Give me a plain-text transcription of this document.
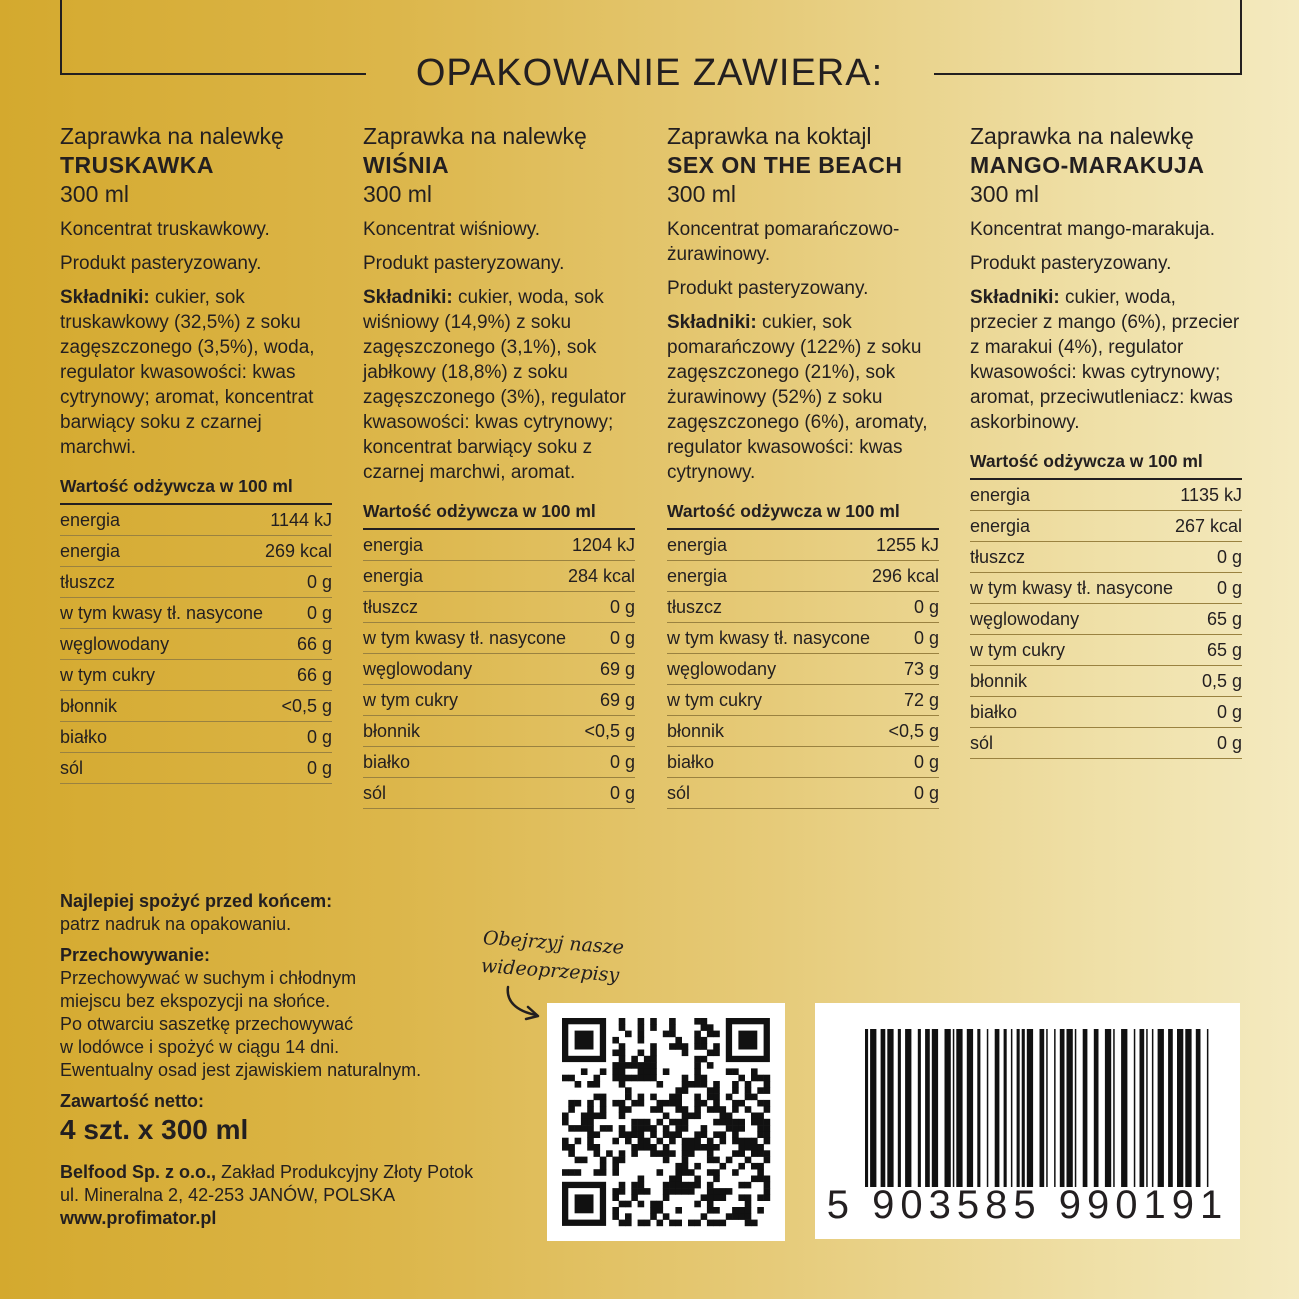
OPAKOWANIE ZAWIERA:
Zaprawka na nalewkę
TRUSKAWKA
300 ml

Koncentrat truskawkowy.

Produkt pasteryzowany.

Składniki: cukier, sok truskawkowy (32,5%) z soku zagęszczonego (3,5%), woda, regulator kwasowości: kwas cytrynowy; aromat, koncentrat barwiący soku z czarnej marchwi.

Wartość odżywcza w 100 ml
energia	1144 kJ
energia	269 kcal
tłuszcz	0 g
w tym kwasy tł. nasycone 0 g
węglowodany	66 g
w tym cukry	66 g
błonnik	<0,5 g
białko	0 g
sól	0 g
Zaprawka na nalewkę
WIŚNIA
300 ml

Koncentrat wiśniowy.

Produkt pasteryzowany.

Składniki: cukier, woda, sok wiśniowy (14,9%) z soku zagęszczonego (3,1%), sok jabłkowy (18,8%) z soku zagęszczonego (3%), regulator kwasowości: kwas cytrynowy; koncentrat barwiący soku z czarnej marchwi, aromat.

Wartość odżywcza w 100 ml
energia	1204 kJ
energia	284 kcal
tłuszcz	0 g
w tym kwasy tł. nasycone 0 g
węglowodany	69 g
w tym cukry	69 g
błonnik	<0,5 g
białko	0 g
sól	0 g
Zaprawka na koktajl
SEX ON THE BEACH
300 ml

Koncentrat pomarańczowo-żurawinowy.

Produkt pasteryzowany.

Składniki: cukier, sok pomarańczowy (122%) z soku zagęszczonego (21%), sok żurawinowy (52%) z soku zagęszczonego (6%), aromaty, regulator kwasowości: kwas cytrynowy.

Wartość odżywcza w 100 ml
energia	1255 kJ
energia	296 kcal
tłuszcz	0 g
w tym kwasy tł. nasycone 0 g
węglowodany	73 g
w tym cukry	72 g
błonnik	<0,5 g
białko	0 g
sól	0 g
Zaprawka na nalewkę
MANGO-MARAKUJA
300 ml

Koncentrat mango-marakuja.

Produkt pasteryzowany.

Składniki: cukier, woda, przecier z mango (6%), przecier z marakui (4%), regulator kwasowości: kwas cytrynowy; aromat, przeciwutleniacz: kwas askorbinowy.

Wartość odżywcza w 100 ml
energia	1135 kJ
energia	267 kcal
tłuszcz	0 g
w tym kwasy tł. nasycone 0 g
węglowodany	65 g
w tym cukry	65 g
błonnik	0,5 g
białko	0 g
sól	0 g

Najlepiej spożyć przed końcem:
patrz nadruk na opakowaniu.

Przechowywanie:
Przechowywać w suchym i chłodnym
miejscu bez ekspozycji na słońce.
Po otwarciu saszetkę przechowywać
w lodówce i spożyć w ciągu 14 dni.
Ewentualny osad jest zjawiskiem naturalnym.

Zawartość netto:
4 szt. x 300 ml

Belfood Sp. z o.o., Zakład Produkcyjny Złoty Potok
ul. Mineralna 2, 42-253 JANÓW, POLSKA
www.profimator.pl

Obejrzyj nasze
wideoprzepisy
5 903585 990191
